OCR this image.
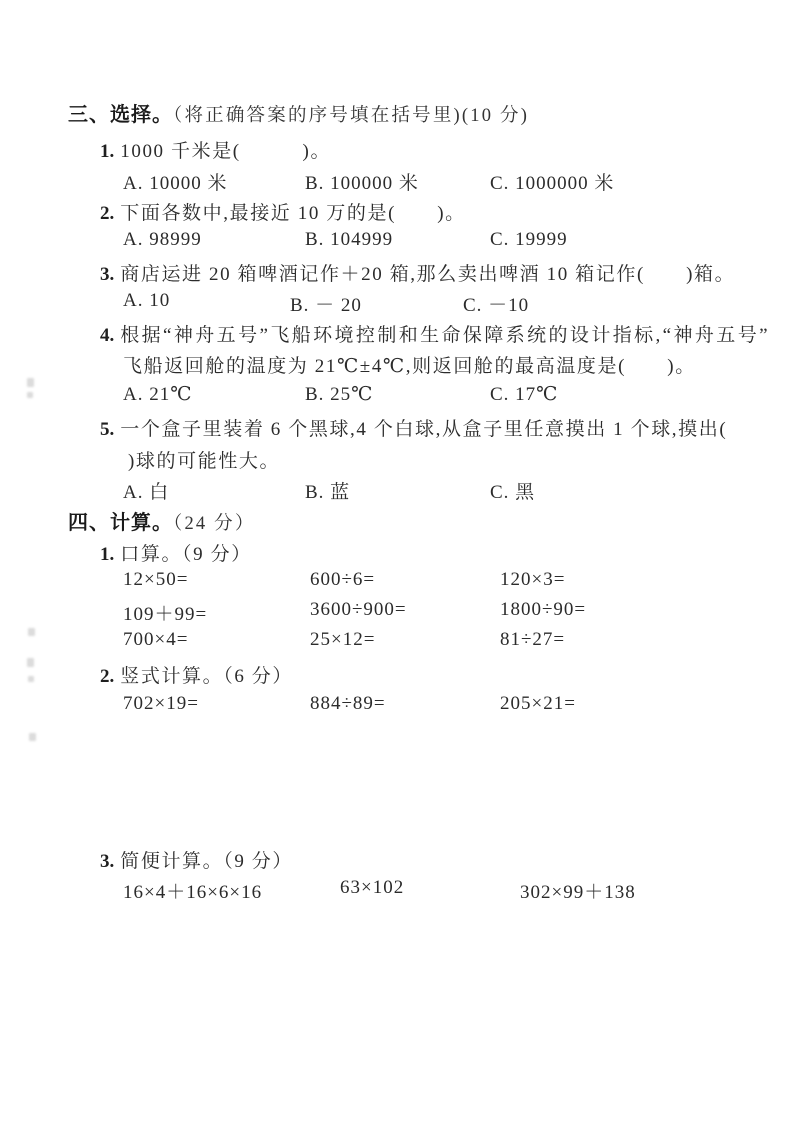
三、选择。（将正确答案的序号填在括号里)(10 分)
1. 1000 千米是(　　　)。
A. 10000 米	B. 100000 米	C. 1000000 米
2. 下面各数中,最接近 10 万的是(　　)。
A. 98999	B. 104999	C. 19999
3. 商店运进 20 箱啤酒记作＋20 箱,那么卖出啤酒 10 箱记作(　　)箱。
A. 10	B. － 20	C. －10
4. 根据“神舟五号”飞船环境控制和生命保障系统的设计指标,“神舟五号”
飞船返回舱的温度为 21℃±4℃,则返回舱的最高温度是(　　)。
A. 21℃	B. 25℃	C. 17℃
5. 一个盒子里装着 6 个黑球,4 个白球,从盒子里任意摸出 1 个球,摸出(
)球的可能性大。
A. 白	B. 蓝	C. 黑
四、计算。（24 分）
1. 口算。（9 分）
12×50=	600÷6=	120×3=
109＋99=	3600÷900=	1800÷90=
700×4=	25×12=	81÷27=
2. 竖式计算。（6 分）
702×19=	884÷89=	205×21=
3. 简便计算。（9 分）
16×4＋16×6×16	63×102	302×99＋138
